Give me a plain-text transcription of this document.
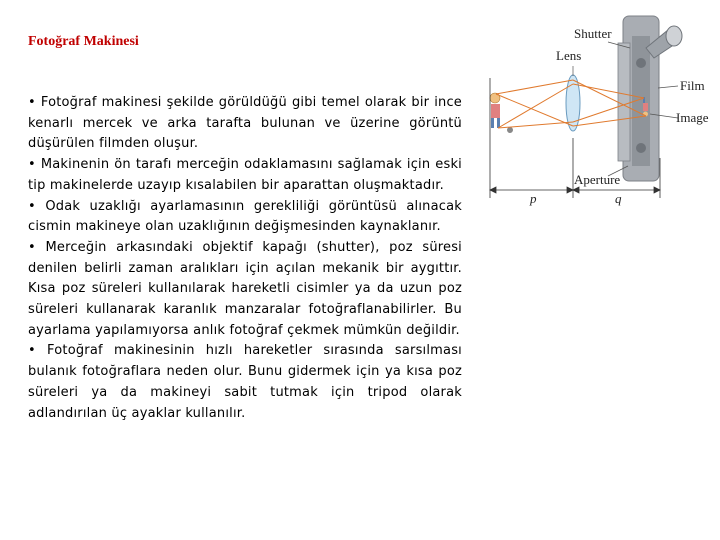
Fotoğraf Makinesi

• Fotoğraf makinesi şekilde görüldüğü gibi temel olarak bir ince kenarlı mercek ve arka tarafta bulunan ve üzerine görüntü düşürülen filmden oluşur.

• Makinenin ön tarafı merceğin odaklamasını sağlamak için eski tip makinelerde uzayıp kısalabilen bir aparattan oluşmaktadır.

• Odak uzaklığı ayarlamasının gerekliliği görüntüsü alınacak cismin makineye olan uzaklığının değişmesinden kaynaklanır.

• Merceğin arkasındaki objektif kapağı (shutter), poz süresi denilen belirli zaman aralıkları için açılan mekanik bir aygıttır. Kısa poz süreleri kullanılarak hareketli cisimler ya da uzun poz süreleri kullanarak karanlık manzaralar fotoğraflanabilirler. Bu ayarlama yapılamıyorsa anlık fotoğraf çekmek mümkün değildir.

• Fotoğraf makinesinin hızlı hareketler sırasında sarsılması bulanık fotoğraflara neden olur. Bunu gidermek için ya kısa poz süreleri ya da makineyi sabit tutmak için tripod olarak adlandırılan üç ayaklar kullanılır.

Shutter
Lens
Film
Image
Aperture
p	q
